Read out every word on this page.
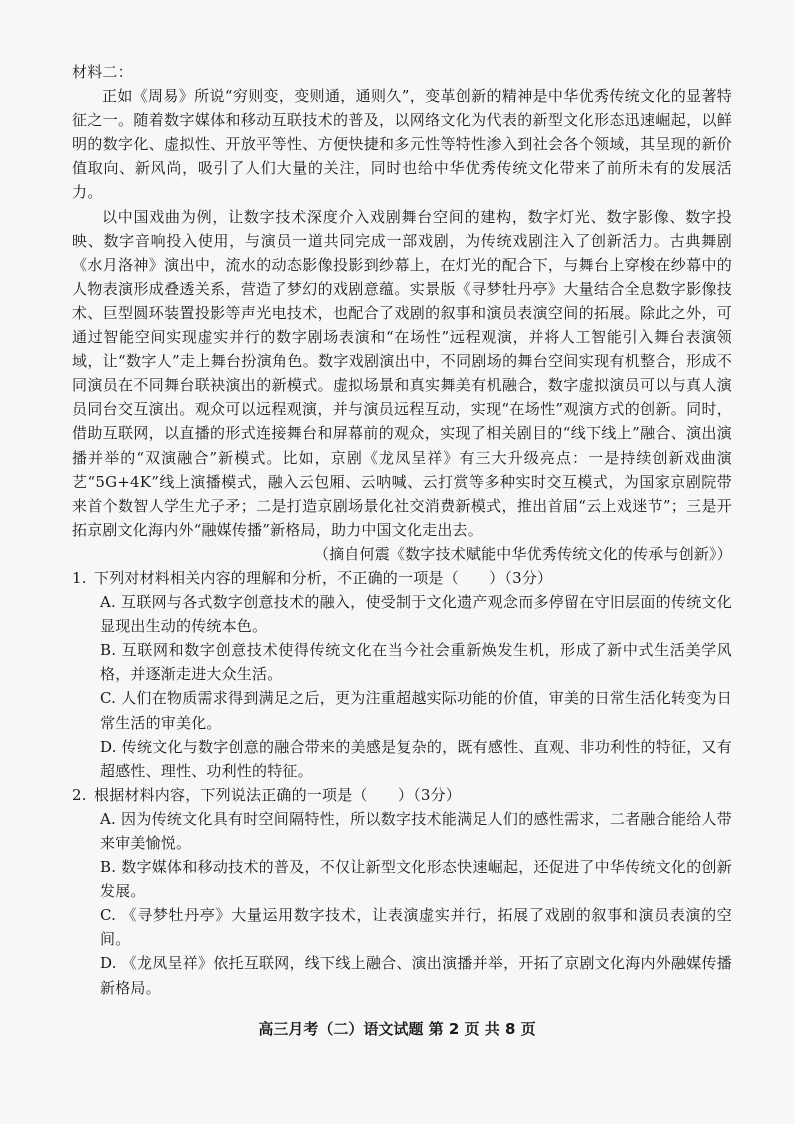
材料二：

正如《周易》所说“穷则变，变则通，通则久”，变革创新的精神是中华优秀传统文化的显著特征之一。随着数字媒体和移动互联技术的普及，以网络文化为代表的新型文化形态迅速崛起，以鲜明的数字化、虚拟性、开放平等性、方便快捷和多元性等特性渗入到社会各个领域，其呈现的新价值取向、新风尚，吸引了人们大量的关注，同时也给中华优秀传统文化带来了前所未有的发展活力。

以中国戏曲为例，让数字技术深度介入戏剧舞台空间的建构，数字灯光、数字影像、数字投映、数字音响投入使用，与演员一道共同完成一部戏剧，为传统戏剧注入了创新活力。古典舞剧《水月洛神》演出中，流水的动态影像投影到纱幕上，在灯光的配合下，与舞台上穿梭在纱幕中的人物表演形成叠透关系，营造了梦幻的戏剧意蕴。实景版《寻梦牡丹亭》大量结合全息数字影像技术、巨型圆环装置投影等声光电技术，也配合了戏剧的叙事和演员表演空间的拓展。除此之外，可通过智能空间实现虚实并行的数字剧场表演和“在场性”远程观演，并将人工智能引入舞台表演领域，让“数字人”走上舞台扮演角色。数字戏剧演出中，不同剧场的舞台空间实现有机整合，形成不同演员在不同舞台联袂演出的新模式。虚拟场景和真实舞美有机融合，数字虚拟演员可以与真人演员同台交互演出。观众可以远程观演，并与演员远程互动，实现“在场性”观演方式的创新。同时，借助互联网，以直播的形式连接舞台和屏幕前的观众，实现了相关剧目的“线下线上”融合、演出演播并举的“双演融合”新模式。比如，京剧《龙凤呈祥》有三大升级亮点：一是持续创新戏曲演艺“5G+4K”线上演播模式，融入云包厢、云呐喊、云打赏等多种实时交互模式，为国家京剧院带来首个数智人学生尤子矛；二是打造京剧场景化社交消费新模式，推出首届“云上戏迷节”；三是开拓京剧文化海内外“融媒传播”新格局，助力中国文化走出去。

（摘自何震《数字技术赋能中华优秀传统文化的传承与创新》）

1. 下列对材料相关内容的理解和分析，不正确的一项是（　　）（3分）

A. 互联网与各式数字创意技术的融入，使受制于文化遗产观念而多停留在守旧层面的传统文化显现出生动的传统本色。

B. 互联网和数字创意技术使得传统文化在当今社会重新焕发生机，形成了新中式生活美学风格，并逐渐走进大众生活。

C. 人们在物质需求得到满足之后，更为注重超越实际功能的价值，审美的日常生活化转变为日常生活的审美化。

D. 传统文化与数字创意的融合带来的美感是复杂的，既有感性、直观、非功利性的特征，又有超感性、理性、功利性的特征。

2. 根据材料内容，下列说法正确的一项是（　　）（3分）

A. 因为传统文化具有时空间隔特性，所以数字技术能满足人们的感性需求，二者融合能给人带来审美愉悦。

B. 数字媒体和移动技术的普及，不仅让新型文化形态快速崛起，还促进了中华传统文化的创新发展。

C. 《寻梦牡丹亭》大量运用数字技术，让表演虚实并行，拓展了戏剧的叙事和演员表演的空间。

D. 《龙凤呈祥》依托互联网，线下线上融合、演出演播并举，开拓了京剧文化海内外融媒传播新格局。

高三月考（二）语文试题 第 2 页 共 8 页
